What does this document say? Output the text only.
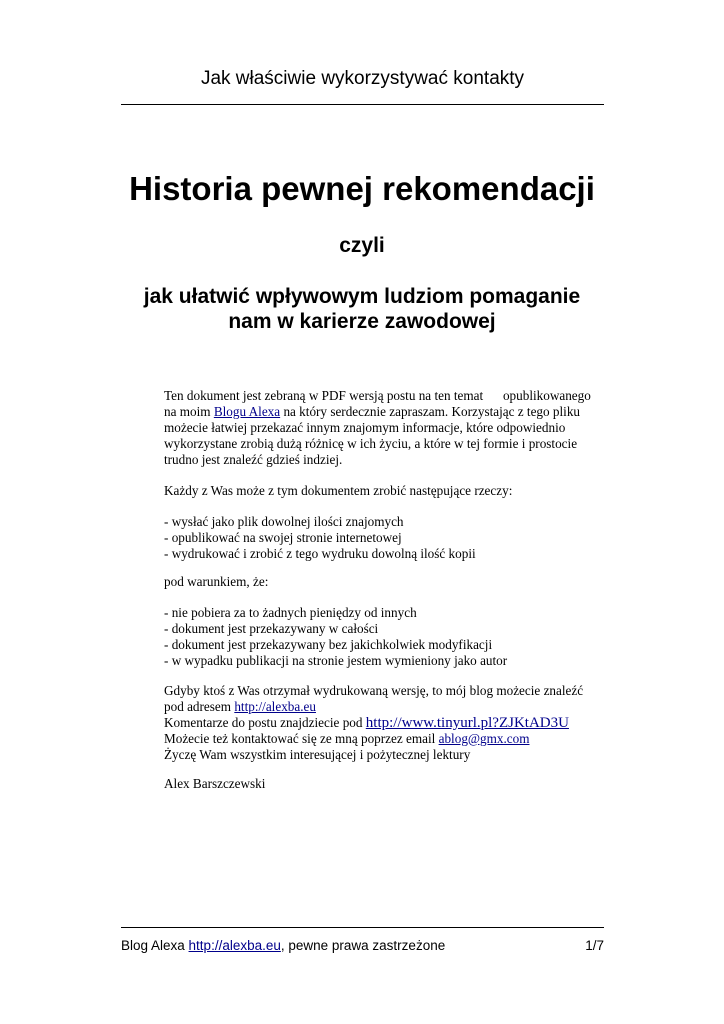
Jak właściwie wykorzystywać kontakty
Historia pewnej rekomendacji
czyli
jak ułatwić wpływowym ludziom pomaganie
nam w karierze zawodowej
Ten dokument jest zebraną w PDF wersją postu na ten temat      opublikowanego
na moim Blogu Alexa na który serdecznie zapraszam. Korzystając z tego pliku
możecie łatwiej przekazać innym znajomym informacje, które odpowiednio
wykorzystane zrobią dużą różnicę w ich życiu, a które w tej formie i prostocie
trudno jest znaleźć gdzieś indziej.
Każdy z Was może z tym dokumentem zrobić następujące rzeczy:
- wysłać jako plik dowolnej ilości znajomych
- opublikować na swojej stronie internetowej
- wydrukować i zrobić z tego wydruku dowolną ilość kopii
pod warunkiem, że:
- nie pobiera za to żadnych pieniędzy od innych
- dokument jest przekazywany w całości
- dokument jest przekazywany bez jakichkolwiek modyfikacji
- w wypadku publikacji na stronie jestem wymieniony jako autor
Gdyby ktoś z Was otrzymał wydrukowaną wersję, to mój blog możecie znaleźć
pod adresem http://alexba.eu
Komentarze do postu znajdziecie pod http://www.tinyurl.pl?ZJKtAD3U
Możecie też kontaktować się ze mną poprzez email ablog@gmx.com
Życzę Wam wszystkim interesującej i pożytecznej lektury
Alex Barszczewski
Blog Alexa http://alexba.eu, pewne prawa zastrzeżone	1/7
